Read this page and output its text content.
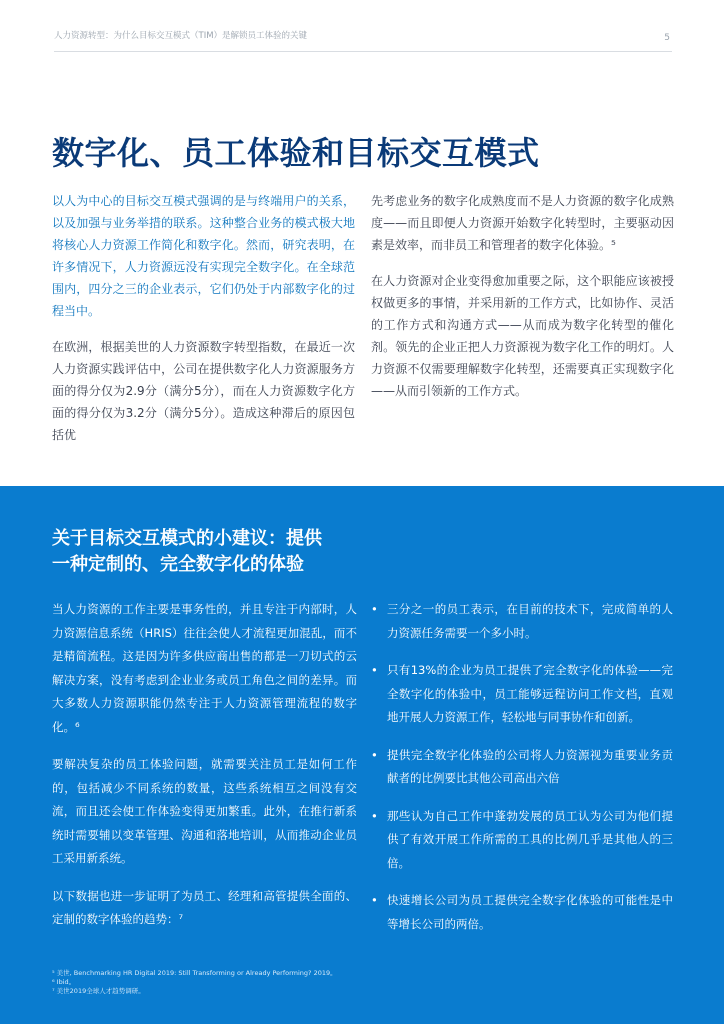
人力资源转型：为什么目标交互模式（TIM）是解锁员工体验的关键	5
数字化、员工体验和目标交互模式

以人为中心的目标交互模式强调的是与终端用户的关系，以及加强与业务举措的联系。这种整合业务的模式极大地将核心人力资源工作简化和数字化。然而，研究表明，在许多情况下，人力资源远没有实现完全数字化。在全球范围内，四分之三的企业表示，它们仍处于内部数字化的过程当中。

在欧洲，根据美世的人力资源数字转型指数，在最近一次人力资源实践评估中，公司在提供数字化人力资源服务方面的得分仅为2.9分（满分5分），而在人力资源数字化方面的得分仅为3.2分（满分5分）。造成这种滞后的原因包括优

先考虑业务的数字化成熟度而不是人力资源的数字化成熟度——而且即便人力资源开始数字化转型时，主要驱动因素是效率，而非员工和管理者的数字化体验。⁵

在人力资源对企业变得愈加重要之际，这个职能应该被授权做更多的事情，并采用新的工作方式，比如协作、灵活的工作方式和沟通方式——从而成为数字化转型的催化剂。领先的企业正把人力资源视为数字化工作的明灯。人力资源不仅需要理解数字化转型，还需要真正实现数字化——从而引领新的工作方式。

关于目标交互模式的小建议：提供
一种定制的、完全数字化的体验

当人力资源的工作主要是事务性的，并且专注于内部时，人力资源信息系统（HRIS）往往会使人才流程更加混乱，而不是精简流程。这是因为许多供应商出售的都是一刀切式的云解决方案，没有考虑到企业业务或员工角色之间的差异。而大多数人力资源职能仍然专注于人力资源管理流程的数字化。⁶

要解决复杂的员工体验问题，就需要关注员工是如何工作的，包括减少不同系统的数量，这些系统相互之间没有交流，而且还会使工作体验变得更加繁重。此外，在推行新系统时需要辅以变革管理、沟通和落地培训，从而推动企业员工采用新系统。

以下数据也进一步证明了为员工、经理和高管提供全面的、定制的数字体验的趋势：⁷

• 三分之一的员工表示，在目前的技术下，完成简单的人力资源任务需要一个多小时。
• 只有13%的企业为员工提供了完全数字化的体验——完全数字化的体验中，员工能够远程访问工作文档，直观地开展人力资源工作，轻松地与同事协作和创新。
• 提供完全数字化体验的公司将人力资源视为重要业务贡献者的比例要比其他公司高出六倍
• 那些认为自己工作中蓬勃发展的员工认为公司为他们提供了有效开展工作所需的工具的比例几乎是其他人的三倍。
• 快速增长公司为员工提供完全数字化体验的可能性是中等增长公司的两倍。
⁵ 美世, Benchmarking HR Digital 2019: Still Transforming or Already Performing? 2019。
⁶ Ibid。
⁷ 美世2019全球人才趋势调研。
